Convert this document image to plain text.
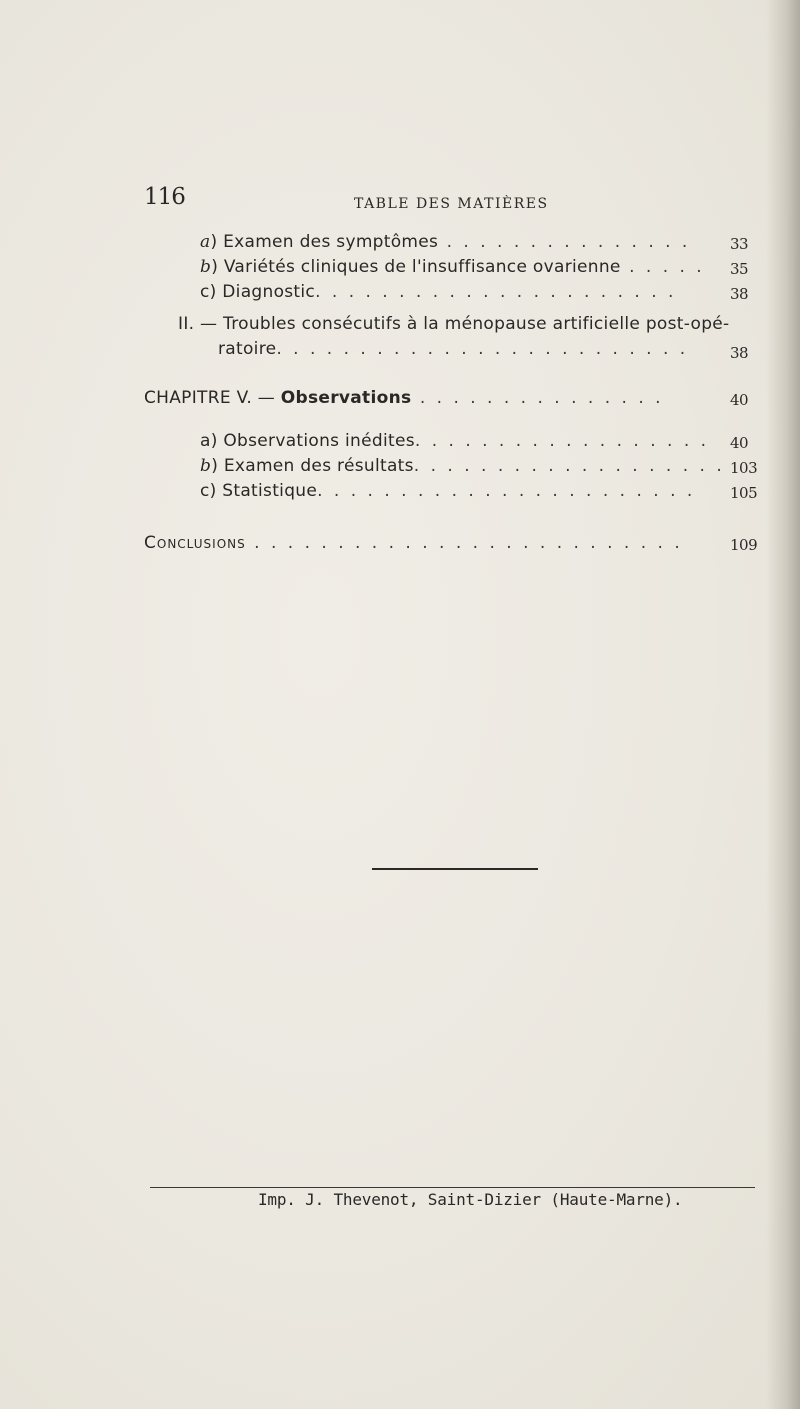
116	TABLE DES MATIÈRES
a) Examen des symptômes . . . . . . . . . . . . . . .	33
b) Variétés cliniques de l'insuffisance ovarienne . . . . .	35
c) Diagnostic. . . . . . . . . . . . . . . . . . . . . .	38
II. — Troubles consécutifs à la ménopause artificielle post-opé-
ratoire. . . . . . . . . . . . . . . . . . . . . . . . .	38
CHAPITRE V. — Observations . . . . . . . . . . . . . . .	40
a) Observations inédites. . . . . . . . . . . . . . . . . .	40
b) Examen des résultats. . . . . . . . . . . . . . . . . . . 103
c) Statistique. . . . . . . . . . . . . . . . . . . . . . .	105
Conclusions . . . . . . . . . . . . . . . . . . . . . . . . . .	109
Imp. J. Thevenot, Saint-Dizier (Haute-Marne).
